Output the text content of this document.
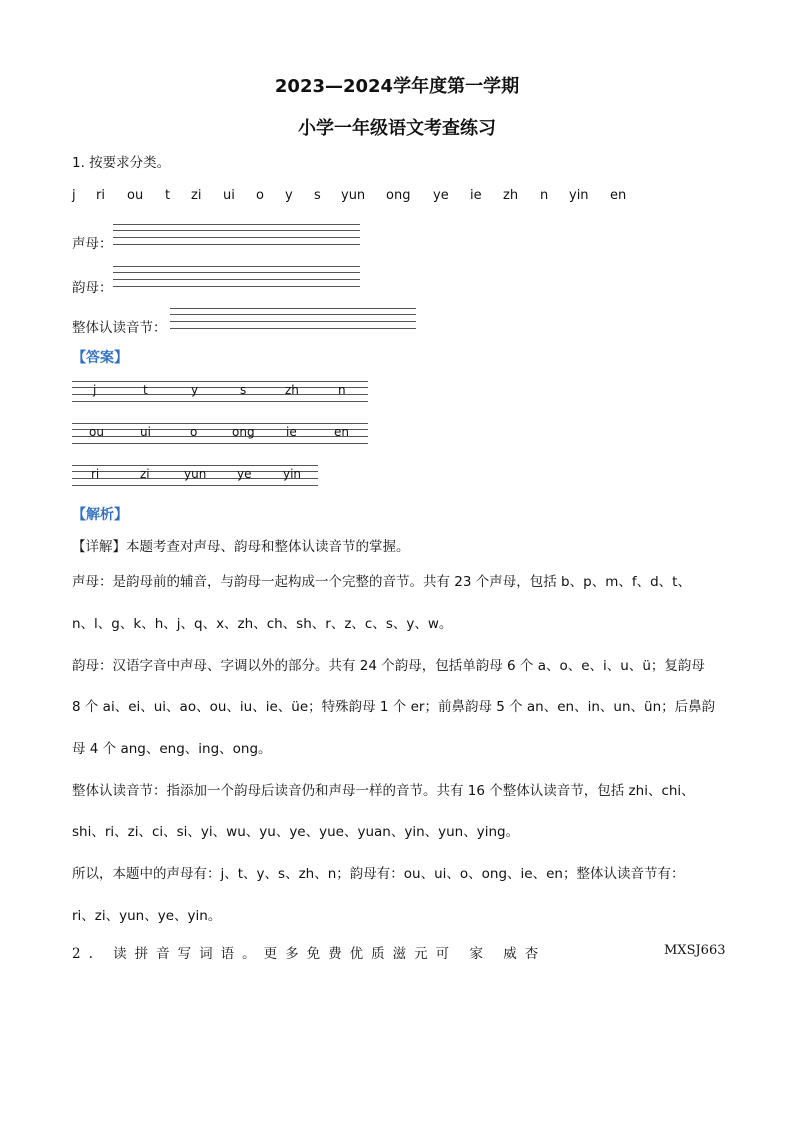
2023—2024学年度第一学期
小学一年级语文考查练习
1. 按要求分类。
j ri ou t zi ui o y s yun ong ye ie zh n yin en
声母：
韵母：
整体认读音节：
【答案】
j	t	y	s	zh	n
ou	ui	o	ong	ie	en
ri	zi	yun	ye	yin
【解析】
【详解】本题考查对声母、韵母和整体认读音节的掌握。
声母：是韵母前的辅音，与韵母一起构成一个完整的音节。共有 23 个声母，包括 b、p、m、f、d、t、
n、l、g、k、h、j、q、x、zh、ch、sh、r、z、c、s、y、w。
韵母：汉语字音中声母、字调以外的部分。共有 24 个韵母，包括单韵母 6 个 a、o、e、i、u、ü；复韵母
8 个 ai、ei、ui、ao、ou、iu、ie、üe；特殊韵母 1 个 er；前鼻韵母 5 个 an、en、in、un、ün；后鼻韵
母 4 个 ang、eng、ing、ong。
整体认读音节：指添加一个韵母后读音仍和声母一样的音节。共有 16 个整体认读音节，包括 zhi、chi、
shi、ri、zi、ci、si、yi、wu、yu、ye、yue、yuan、yin、yun、ying。
所以，本题中的声母有：j、t、y、s、zh、n；韵母有：ou、ui、o、ong、ie、en；整体认读音节有：
ri、zi、yun、ye、yin。
2. 读拼音写词语。更多免费优质滋元可 家 威杏	MXSJ663
